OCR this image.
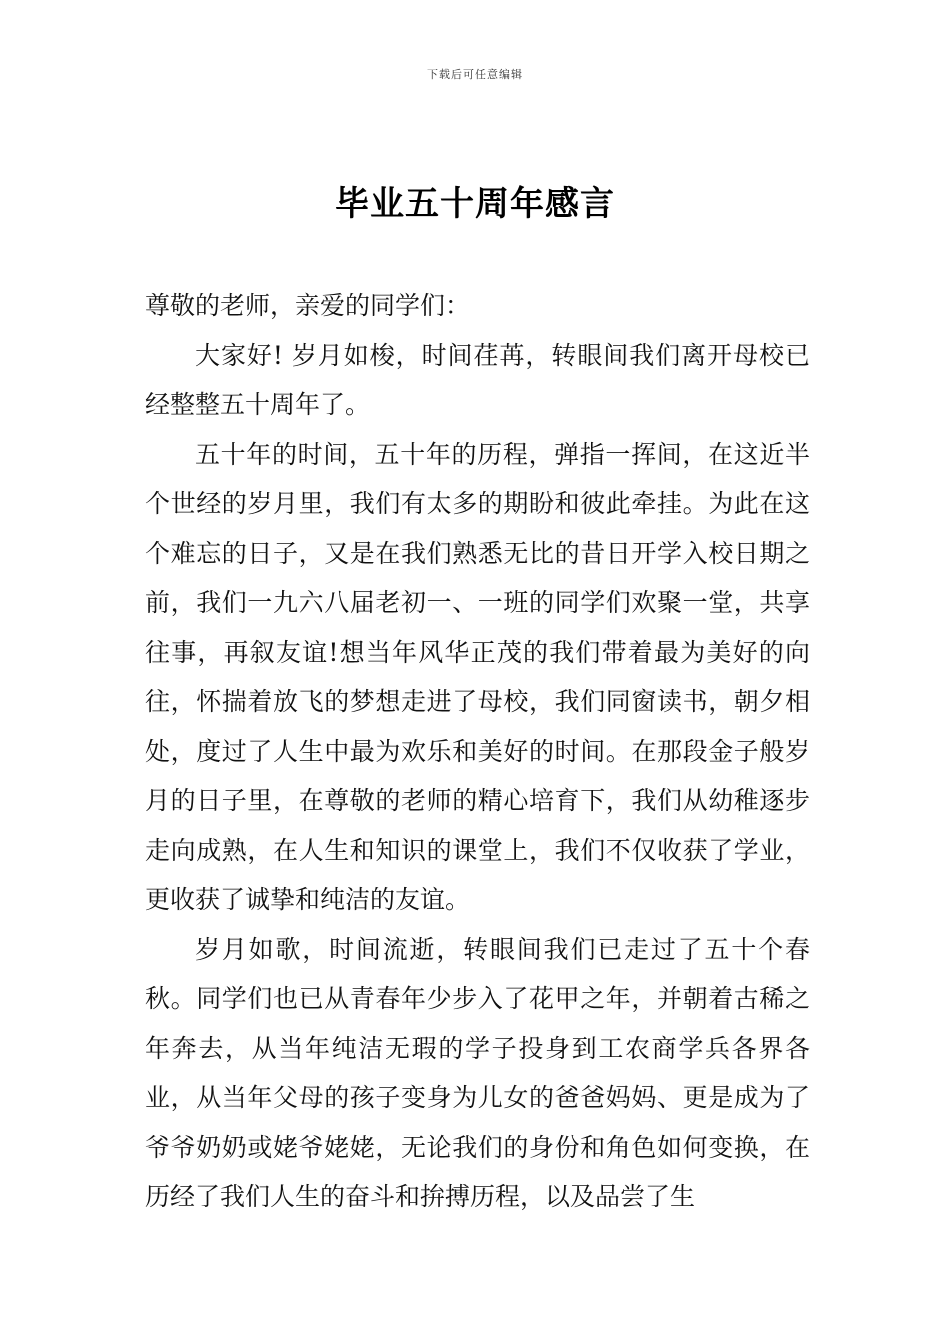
下载后可任意编辑
毕业五十周年感言

尊敬的老师，亲爱的同学们：

大家好! 岁月如梭，时间荏苒，转眼间我们离开母校已经整整五十周年了。

五十年的时间，五十年的历程，弹指一挥间，在这近半个世经的岁月里，我们有太多的期盼和彼此牵挂。为此在这个难忘的日子，又是在我们熟悉无比的昔日开学入校日期之前，我们一九六八届老初一、一班的同学们欢聚一堂，共享往事，再叙友谊!想当年风华正茂的我们带着最为美好的向往，怀揣着放飞的梦想走进了母校，我们同窗读书，朝夕相处，度过了人生中最为欢乐和美好的时间。在那段金子般岁月的日子里，在尊敬的老师的精心培育下，我们从幼稚逐步走向成熟，在人生和知识的课堂上，我们不仅收获了学业，更收获了诚挚和纯洁的友谊。

岁月如歌，时间流逝，转眼间我们已走过了五十个春秋。同学们也已从青春年少步入了花甲之年，并朝着古稀之年奔去，从当年纯洁无瑕的学子投身到工农商学兵各界各业，从当年父母的孩子变身为儿女的爸爸妈妈、更是成为了爷爷奶奶或姥爷姥姥，无论我们的身份和角色如何变换，在历经了我们人生的奋斗和拚搏历程，以及品尝了生
